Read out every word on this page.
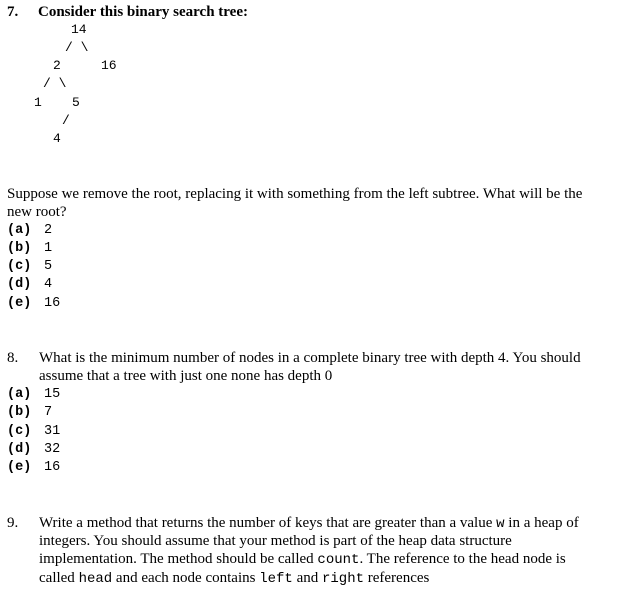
7. Consider this binary search tree:
14
/ \
2	16
/ \
1 5
/
4
Suppose we remove the root, replacing it with something from the left subtree. What will be the
new root?
(a) 2
(b) 1
(c) 5
(d) 4
(e) 16
8. What is the minimum number of nodes in a complete binary tree with depth 4. You should
assume that a tree with just one none has depth 0
(a) 15
(b) 7
(c) 31
(d) 32
(e) 16
9. Write a method that returns the number of keys that are greater than a value w in a heap of
integers. You should assume that your method is part of the heap data structure
implementation. The method should be called count. The reference to the head node is
called head and each node contains left and right references
